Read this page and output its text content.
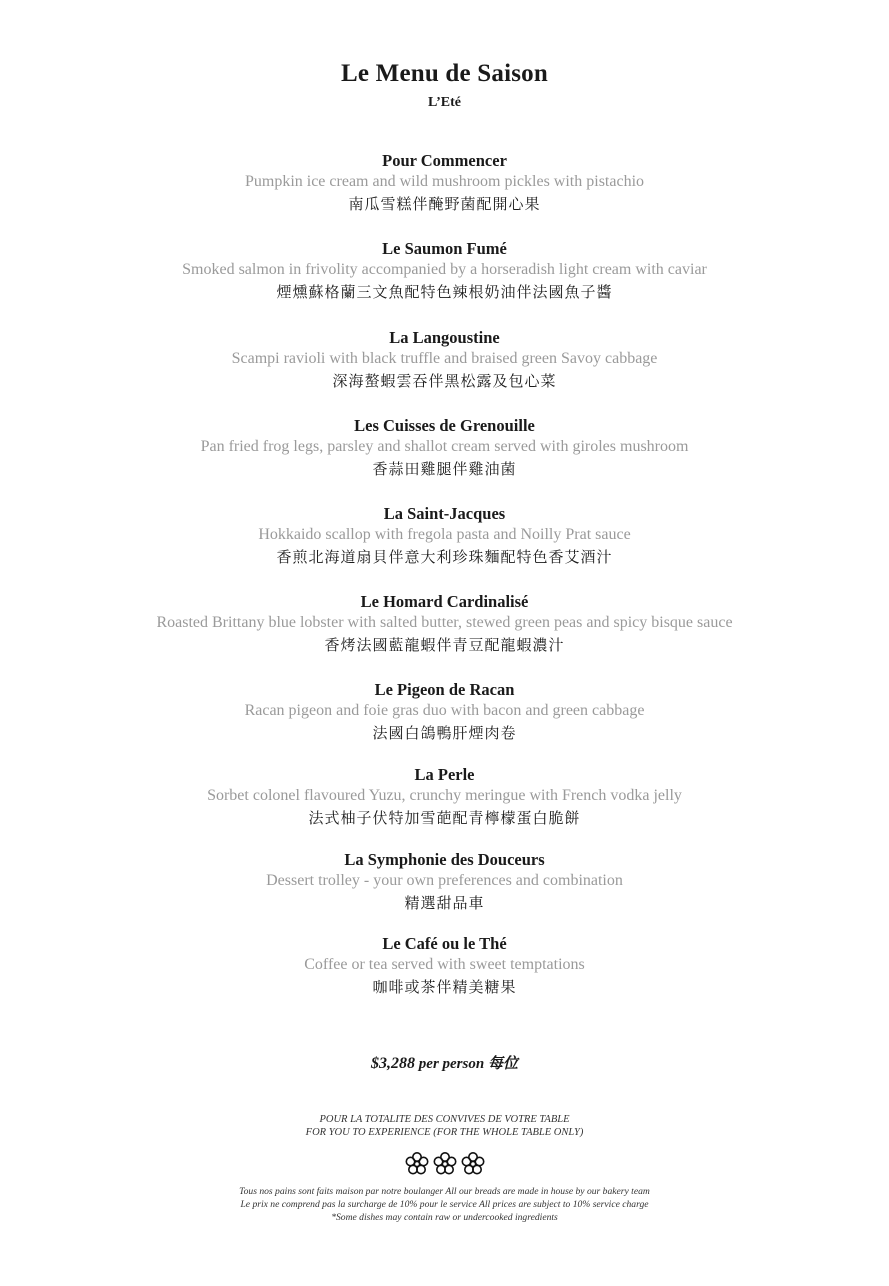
Le Menu de Saison
L’Eté
Pour Commencer
Pumpkin ice cream and wild mushroom pickles with pistachio
南瓜雪糕伴醃野菌配開心果
Le Saumon Fumé
Smoked salmon in frivolity accompanied by a horseradish light cream with caviar
煙燻蘇格蘭三文魚配特色辣根奶油伴法國魚子醬
La Langoustine
Scampi ravioli with black truffle and braised green Savoy cabbage
深海螯蝦雲吞伴黑松露及包心菜
Les Cuisses de Grenouille
Pan fried frog legs, parsley and shallot cream served with giroles mushroom
香蒜田雞腿伴雞油菌
La Saint-Jacques
Hokkaido scallop with fregola pasta and Noilly Prat sauce
香煎北海道扇貝伴意大利珍珠麵配特色香艾酒汁
Le Homard Cardinalisé
Roasted Brittany blue lobster with salted butter, stewed green peas and spicy bisque sauce
香烤法國藍龍蝦伴青豆配龍蝦濃汁
Le Pigeon de Racan
Racan pigeon and foie gras duo with bacon and green cabbage
法國白鴿鴨肝煙肉卷
La Perle
Sorbet colonel flavoured Yuzu, crunchy meringue with French vodka jelly
法式柚子伏特加雪葩配青檸檬蛋白脆餅
La Symphonie des Douceurs
Dessert trolley - your own preferences and combination
精選甜品車
Le Café ou le Thé
Coffee or tea served with sweet temptations
咖啡或茶伴精美糖果
$3,288 per person 每位
POUR LA TOTALITE DES CONVIVES DE VOTRE TABLE
FOR YOU TO EXPERIENCE (FOR THE WHOLE TABLE ONLY)
Tous nos pains sont faits maison par notre boulanger All our breads are made in house by our bakery team
Le prix ne comprend pas la surcharge de 10% pour le service All prices are subject to 10% service charge
*Some dishes may contain raw or undercooked ingredients
